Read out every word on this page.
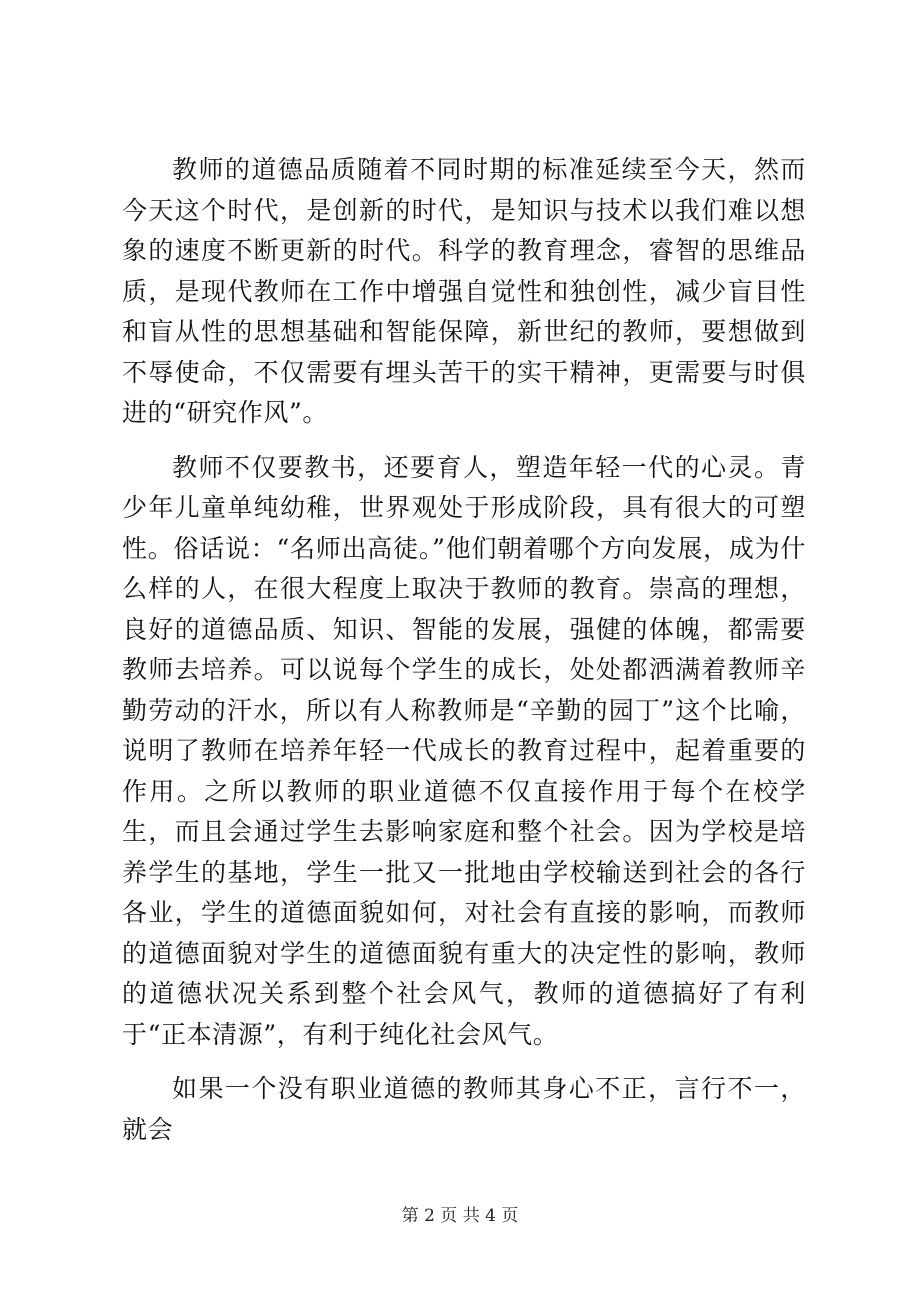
教师的道德品质随着不同时期的标准延续至今天，然而今天这个时代，是创新的时代，是知识与技术以我们难以想象的速度不断更新的时代。科学的教育理念，睿智的思维品质，是现代教师在工作中增强自觉性和独创性，减少盲目性和盲从性的思想基础和智能保障，新世纪的教师，要想做到不辱使命，不仅需要有埋头苦干的实干精神，更需要与时俱进的“研究作风”。

教师不仅要教书，还要育人，塑造年轻一代的心灵。青少年儿童单纯幼稚，世界观处于形成阶段，具有很大的可塑性。俗话说：“名师出高徒。”他们朝着哪个方向发展，成为什么样的人，在很大程度上取决于教师的教育。崇高的理想，良好的道德品质、知识、智能的发展，强健的体魄，都需要教师去培养。可以说每个学生的成长，处处都洒满着教师辛勤劳动的汗水，所以有人称教师是“辛勤的园丁”这个比喻，说明了教师在培养年轻一代成长的教育过程中，起着重要的作用。之所以教师的职业道德不仅直接作用于每个在校学生，而且会通过学生去影响家庭和整个社会。因为学校是培养学生的基地，学生一批又一批地由学校输送到社会的各行各业，学生的道德面貌如何，对社会有直接的影响，而教师的道德面貌对学生的道德面貌有重大的决定性的影响，教师的道德状况关系到整个社会风气，教师的道德搞好了有利于“正本清源”，有利于纯化社会风气。

如果一个没有职业道德的教师其身心不正，言行不一，就会

第 2 页 共 4 页
